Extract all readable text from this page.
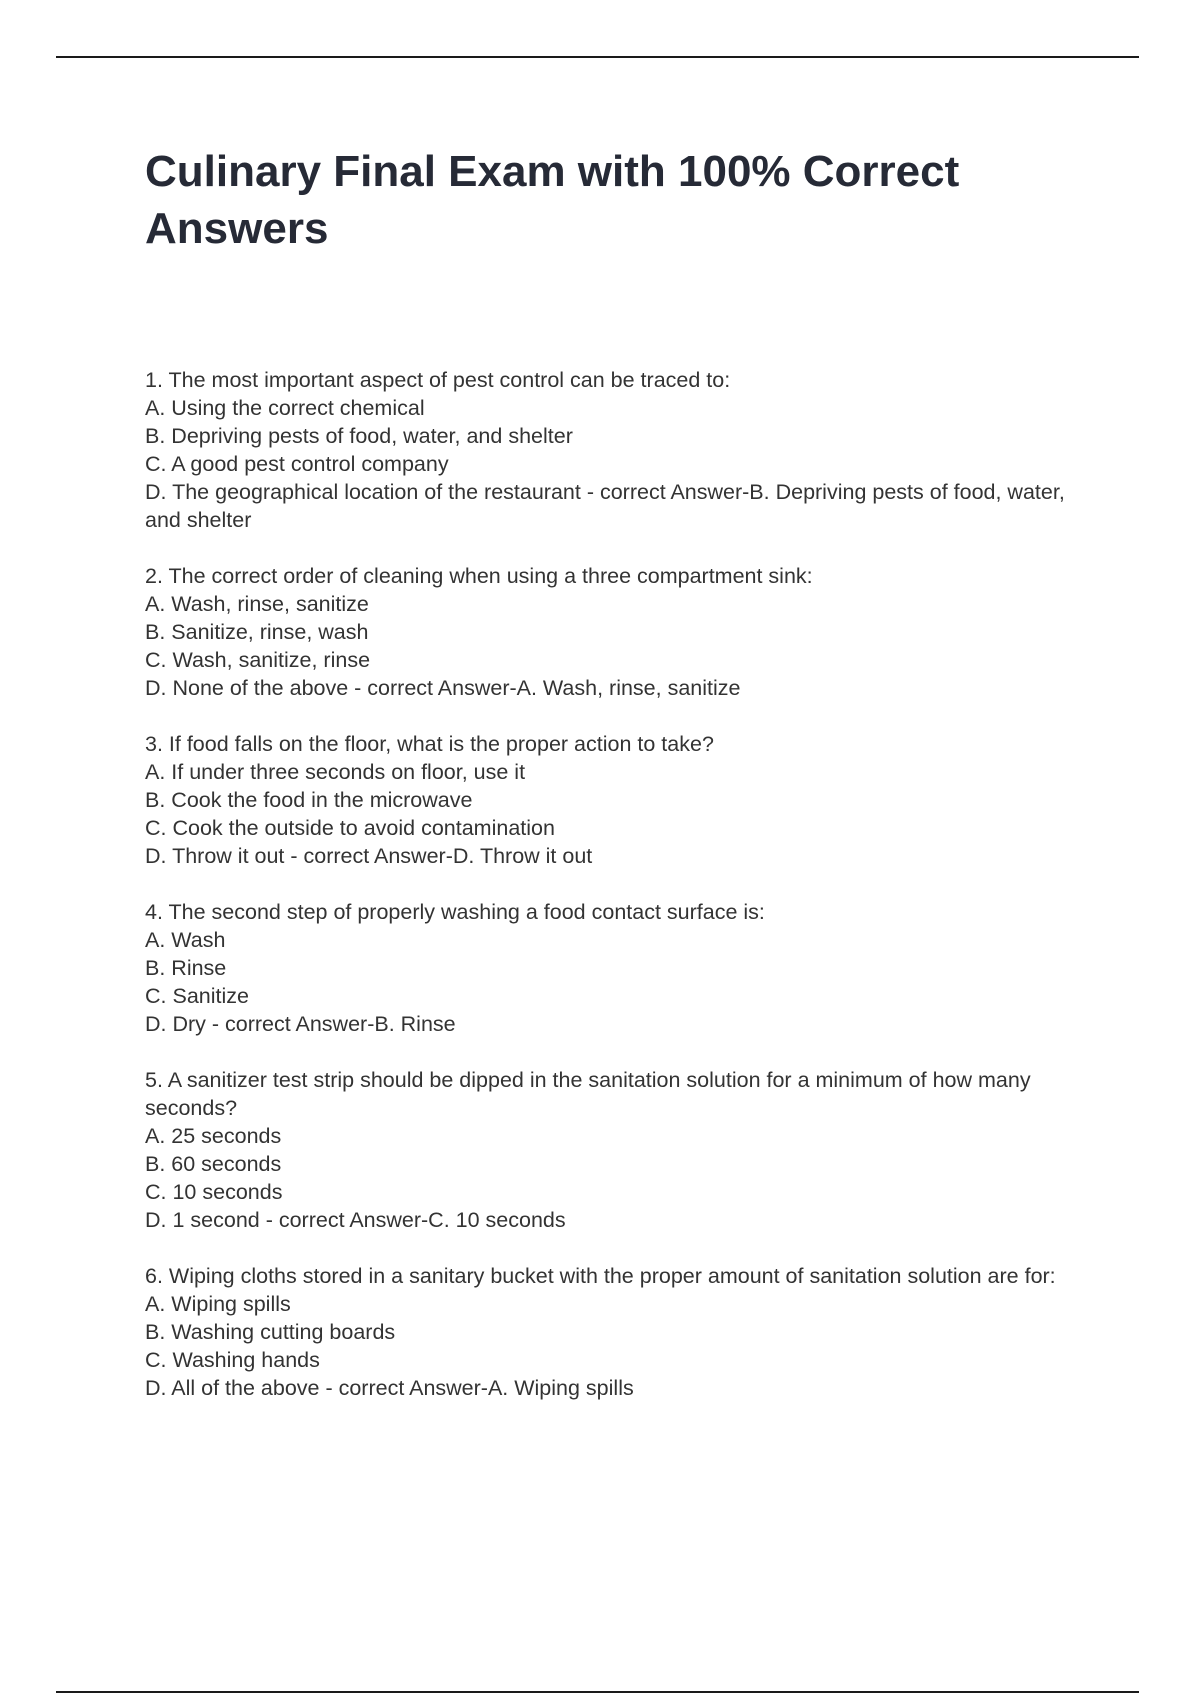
Culinary Final Exam with 100% Correct Answers
1. The most important aspect of pest control can be traced to:
A. Using the correct chemical
B. Depriving pests of food, water, and shelter
C. A good pest control company
D. The geographical location of the restaurant - correct Answer-B. Depriving pests of food, water, and shelter
2. The correct order of cleaning when using a three compartment sink:
A. Wash, rinse, sanitize
B. Sanitize, rinse, wash
C. Wash, sanitize, rinse
D. None of the above - correct Answer-A. Wash, rinse, sanitize
3. If food falls on the floor, what is the proper action to take?
A. If under three seconds on floor, use it
B. Cook the food in the microwave
C. Cook the outside to avoid contamination
D. Throw it out - correct Answer-D. Throw it out
4. The second step of properly washing a food contact surface is:
A. Wash
B. Rinse
C. Sanitize
D. Dry - correct Answer-B. Rinse
5. A sanitizer test strip should be dipped in the sanitation solution for a minimum of how many seconds?
A. 25 seconds
B. 60 seconds
C. 10 seconds
D. 1 second - correct Answer-C. 10 seconds
6. Wiping cloths stored in a sanitary bucket with the proper amount of sanitation solution are for:
A. Wiping spills
B. Washing cutting boards
C. Washing hands
D. All of the above - correct Answer-A. Wiping spills
